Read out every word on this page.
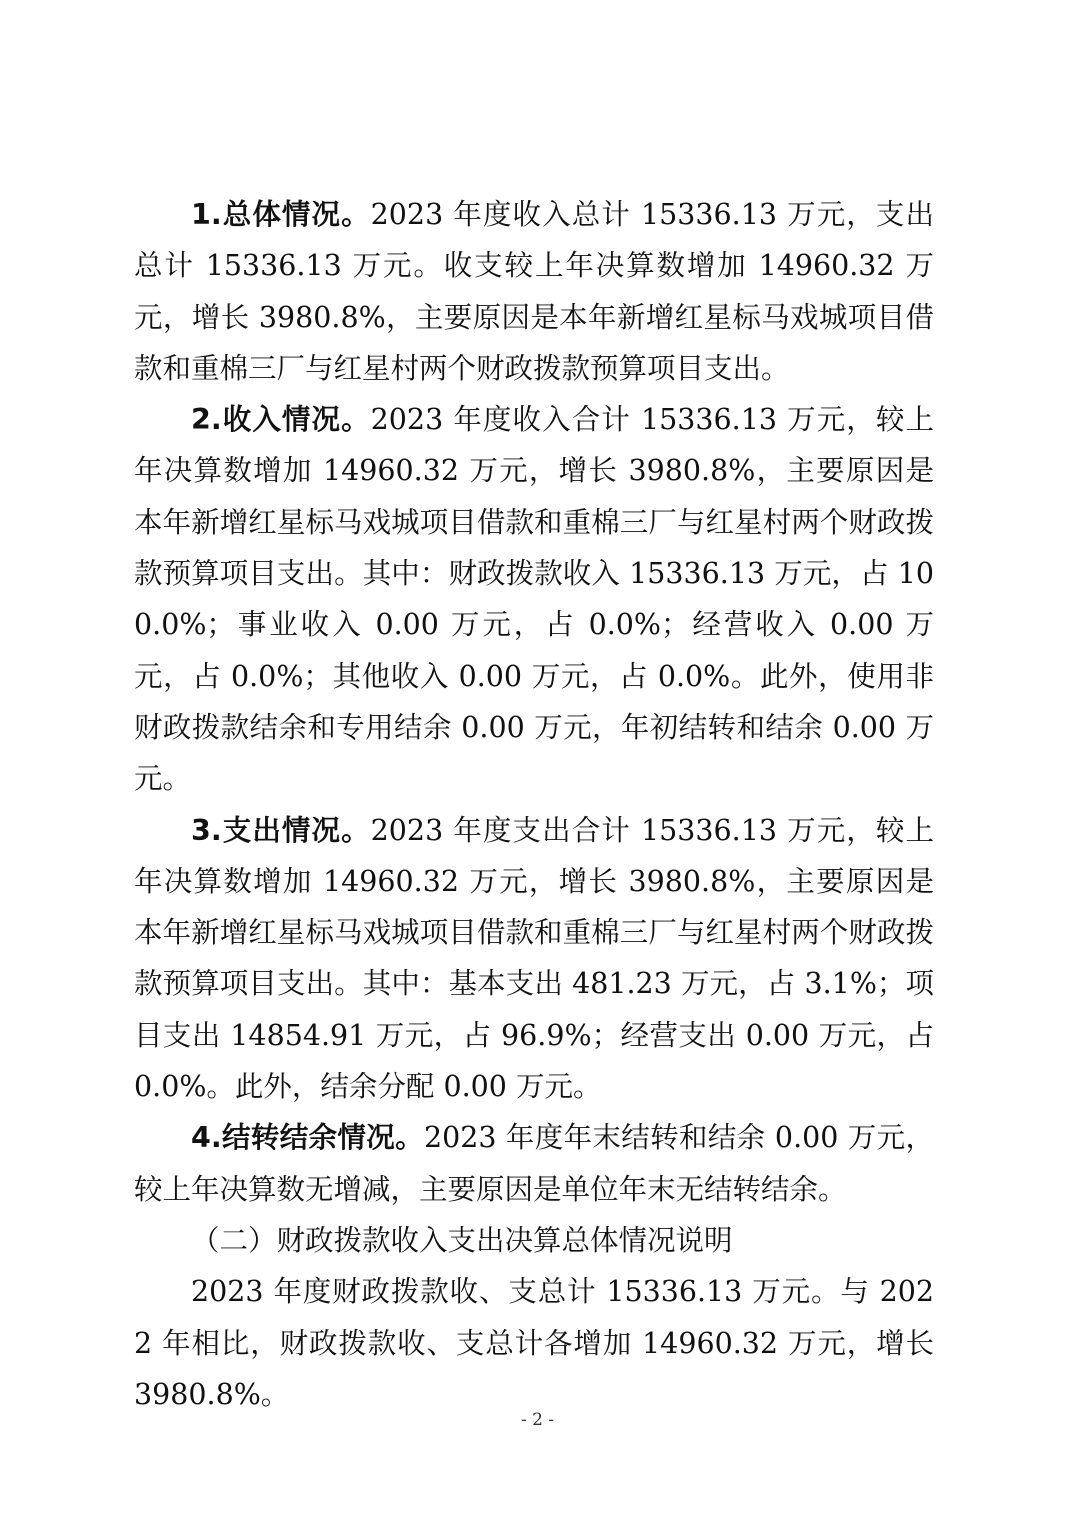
1.总体情况。2023 年度收入总计 15336.13 万元，支出总计 15336.13 万元。收支较上年决算数增加 14960.32 万元，增长 3980.8%，主要原因是本年新增红星标马戏城项目借款和重棉三厂与红星村两个财政拨款预算项目支出。

2.收入情况。2023 年度收入合计 15336.13 万元，较上年决算数增加 14960.32 万元，增长 3980.8%，主要原因是本年新增红星标马戏城项目借款和重棉三厂与红星村两个财政拨款预算项目支出。其中：财政拨款收入 15336.13 万元，占 100.0%；事业收入 0.00 万元，占 0.0%；经营收入 0.00 万元，占 0.0%；其他收入 0.00 万元，占 0.0%。此外，使用非财政拨款结余和专用结余 0.00 万元，年初结转和结余 0.00 万元。

3.支出情况。2023 年度支出合计 15336.13 万元，较上年决算数增加 14960.32 万元，增长 3980.8%，主要原因是本年新增红星标马戏城项目借款和重棉三厂与红星村两个财政拨款预算项目支出。其中：基本支出 481.23 万元，占 3.1%；项目支出 14854.91 万元，占 96.9%；经营支出 0.00 万元，占 0.0%。此外，结余分配 0.00 万元。

4.结转结余情况。2023 年度年末结转和结余 0.00 万元，较上年决算数无增减，主要原因是单位年末无结转结余。

（二）财政拨款收入支出决算总体情况说明

2023 年度财政拨款收、支总计 15336.13 万元。与 2022 年相比，财政拨款收、支总计各增加 14960.32 万元，增长 3980.8%。

- 2 -
